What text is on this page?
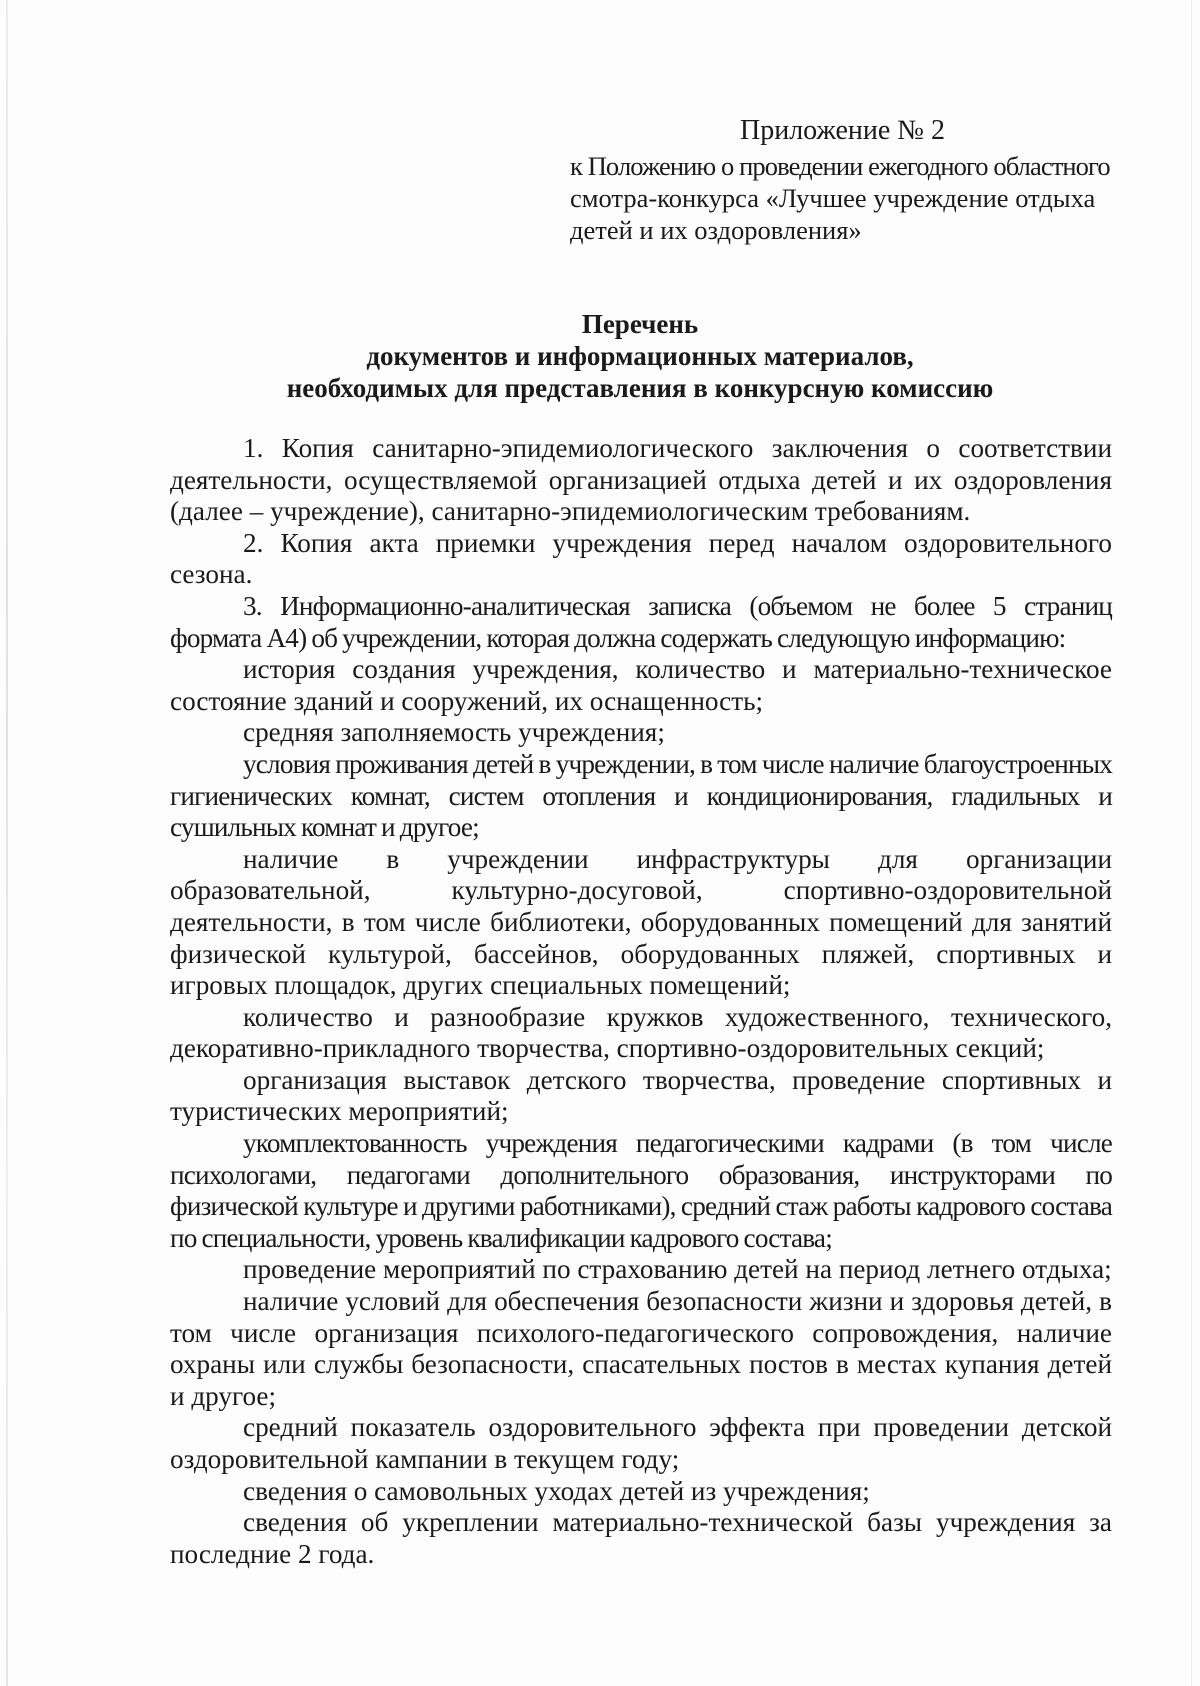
Приложение № 2
к Положению о проведении ежегодного областного
смотра-конкурса «Лучшее учреждение отдыха
детей и их оздоровления»
Перечень
документов и информационных материалов,
необходимых для представления в конкурсную комиссию

1. Копия санитарно-эпидемиологического заключения о соответствии деятельности, осуществляемой организацией отдыха детей и их оздоровления (далее – учреждение), санитарно-эпидемиологическим требованиям.

2. Копия акта приемки учреждения перед началом оздоровительного сезона.

3. Информационно-аналитическая записка (объемом не более 5 страниц формата А4) об учреждении, которая должна содержать следующую информацию:

история создания учреждения, количество и материально-техническое состояние зданий и сооружений, их оснащенность;

средняя заполняемость учреждения;

условия проживания детей в учреждении, в том числе наличие благоустроенных гигиенических комнат, систем отопления и кондиционирования, гладильных и сушильных комнат и другое;

наличие в учреждении инфраструктуры для организации образовательной, культурно-досуговой, спортивно-оздоровительной деятельности, в том числе библиотеки, оборудованных помещений для занятий физической культурой, бассейнов, оборудованных пляжей, спортивных и игровых площадок, других специальных помещений;

количество и разнообразие кружков художественного, технического, декоративно-прикладного творчества, спортивно-оздоровительных секций;

организация выставок детского творчества, проведение спортивных и туристических мероприятий;

укомплектованность учреждения педагогическими кадрами (в том числе психологами, педагогами дополнительного образования, инструкторами по физической культуре и другими работниками), средний стаж работы кадрового состава по специальности, уровень квалификации кадрового состава;

проведение мероприятий по страхованию детей на период летнего отдыха;

наличие условий для обеспечения безопасности жизни и здоровья детей, в том числе организация психолого-педагогического сопровождения, наличие охраны или службы безопасности, спасательных постов в местах купания детей и другое;

средний показатель оздоровительного эффекта при проведении детской оздоровительной кампании в текущем году;

сведения о самовольных уходах детей из учреждения;

сведения об укреплении материально-технической базы учреждения за последние 2 года.
